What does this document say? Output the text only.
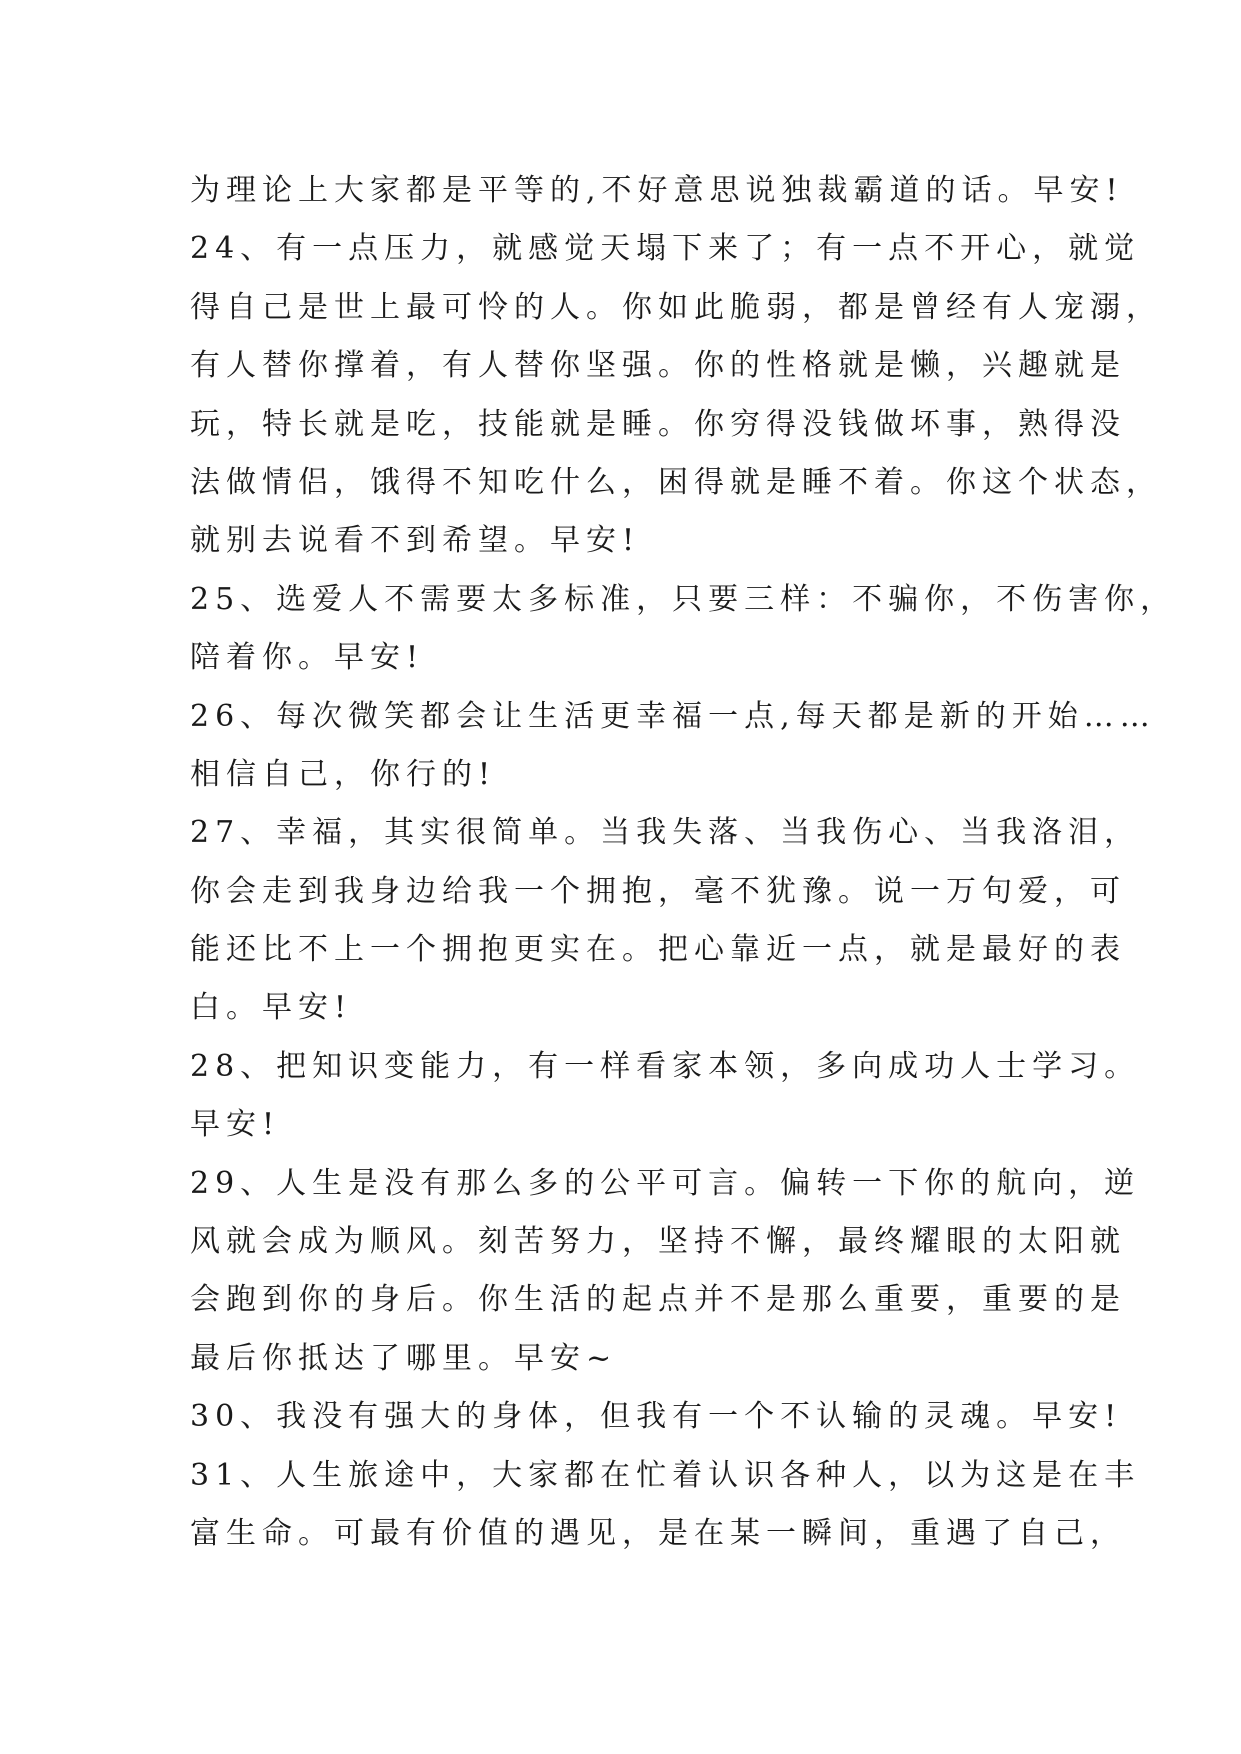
为理论上大家都是平等的,不好意思说独裁霸道的话。早安!
24、有一点压力，就感觉天塌下来了；有一点不开心，就觉
得自己是世上最可怜的人。你如此脆弱，都是曾经有人宠溺，
有人替你撑着，有人替你坚强。你的性格就是懒，兴趣就是
玩，特长就是吃，技能就是睡。你穷得没钱做坏事，熟得没
法做情侣，饿得不知吃什么，困得就是睡不着。你这个状态，
就别去说看不到希望。早安!
25、选爱人不需要太多标准，只要三样：不骗你，不伤害你，
陪着你。早安!
26、每次微笑都会让生活更幸福一点,每天都是新的开始……
相信自己，你行的!
27、幸福，其实很简单。当我失落、当我伤心、当我洛泪，
你会走到我身边给我一个拥抱，毫不犹豫。说一万句爱，可
能还比不上一个拥抱更实在。把心靠近一点，就是最好的表
白。早安!
28、把知识变能力，有一样看家本领，多向成功人士学习。
早安!
29、人生是没有那么多的公平可言。偏转一下你的航向，逆
风就会成为顺风。刻苦努力，坚持不懈，最终耀眼的太阳就
会跑到你的身后。你生活的起点并不是那么重要，重要的是
最后你抵达了哪里。早安~
30、我没有强大的身体，但我有一个不认输的灵魂。早安!
31、人生旅途中，大家都在忙着认识各种人，以为这是在丰
富生命。可最有价值的遇见，是在某一瞬间，重遇了自己，
